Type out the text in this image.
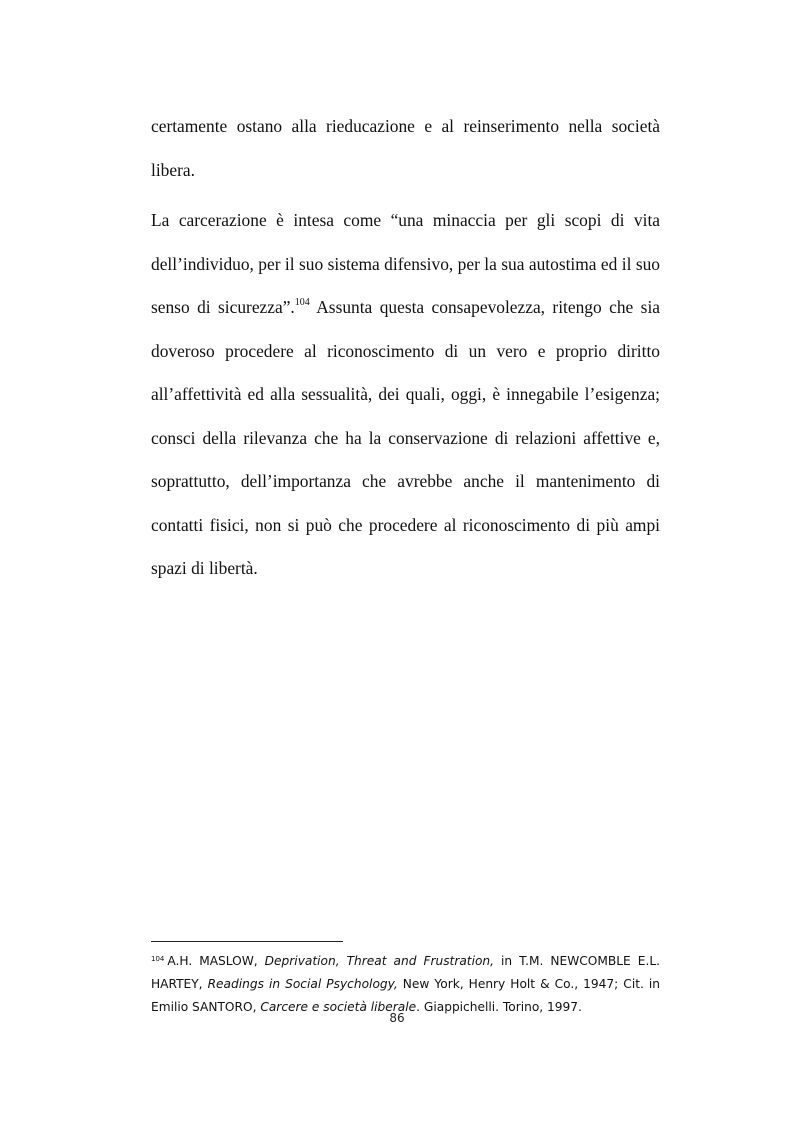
certamente ostano alla rieducazione e al reinserimento nella società libera.

La carcerazione è intesa come “una minaccia per gli scopi di vita dell’individuo, per il suo sistema difensivo, per la sua autostima ed il suo senso di sicurezza”.$^{104}$ Assunta questa consapevolezza, ritengo che sia doveroso procedere al riconoscimento di un vero e proprio diritto all’affettività ed alla sessualità, dei quali, oggi, è innegabile l’esigenza; consci della rilevanza che ha la conservazione di relazioni affettive e, soprattutto, dell’importanza che avrebbe anche il mantenimento di contatti fisici, non si può che procedere al riconoscimento di più ampi spazi di libertà.

$^{104}$ A.H. MASLOW, Deprivation, Threat and Frustration, in T.M. NEWCOMBLE E.L. HARTEY, Readings in Social Psychology, New York, Henry Holt & Co., 1947; Cit. in Emilio SANTORO, Carcere e società liberale. Giappichelli. Torino, 1997.
86
